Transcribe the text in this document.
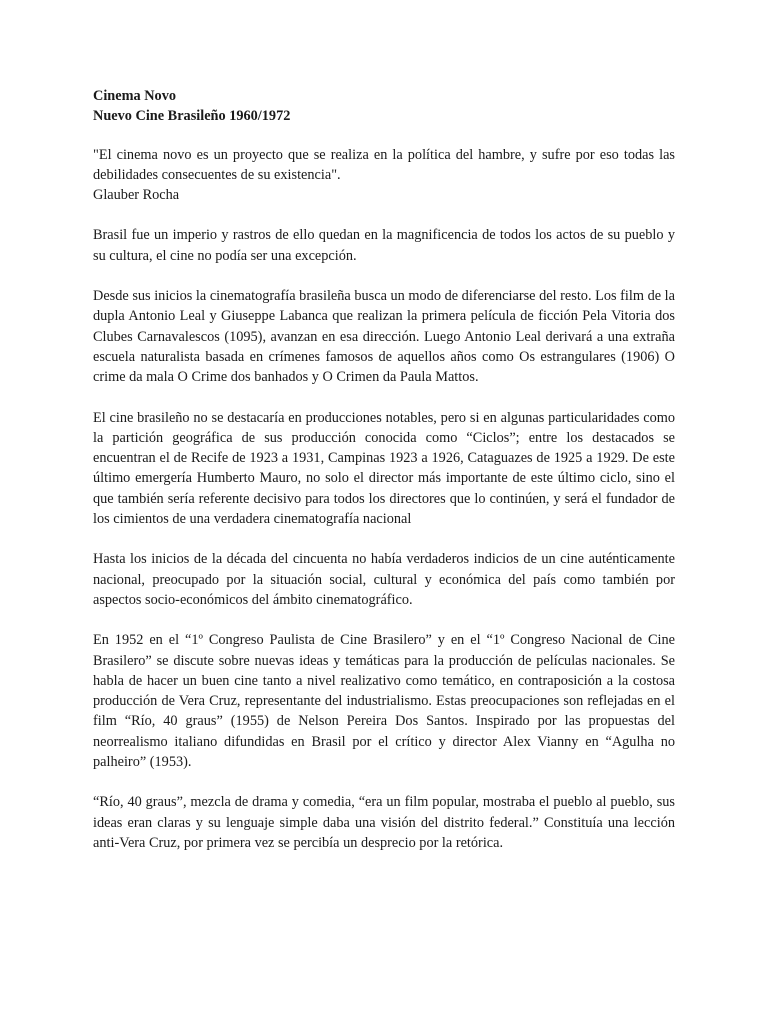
Cinema Novo

Nuevo Cine Brasileño 1960/1972

"El cinema novo es un proyecto que se realiza en la política del hambre, y sufre por eso todas las debilidades consecuentes de su existencia".

Glauber Rocha

Brasil fue un imperio y rastros de ello quedan en la magnificencia de todos los actos de su pueblo y su cultura, el cine no podía ser una excepción.

Desde sus inicios la cinematografía brasileña busca un modo de diferenciarse del resto. Los film de la dupla Antonio Leal y Giuseppe Labanca que realizan la primera película de ficción Pela Vitoria dos Clubes Carnavalescos (1095), avanzan en esa dirección. Luego Antonio Leal derivará a una extraña escuela naturalista basada en crímenes famosos de aquellos años como Os estrangulares (1906) O crime da mala O Crime dos banhados y O Crimen da Paula Mattos.

El cine brasileño no se destacaría en producciones notables, pero si en algunas particularidades como la partición geográfica de sus producción conocida como “Ciclos”; entre los destacados se encuentran el de Recife de 1923 a 1931, Campinas 1923 a 1926, Cataguazes de 1925 a 1929. De este último emergería Humberto Mauro, no solo el director más importante de este último ciclo, sino el que también sería referente decisivo para todos los directores que lo continúen, y será el fundador de los cimientos de una verdadera cinematografía nacional

Hasta los inicios de la década del cincuenta no había verdaderos indicios de un cine auténticamente nacional, preocupado por la situación social, cultural y económica del país como también por aspectos socio-económicos del ámbito cinematográfico.

En 1952 en el “1º Congreso Paulista de Cine Brasilero” y en el “1º Congreso Nacional de Cine Brasilero” se discute sobre nuevas ideas y temáticas para la producción de películas nacionales. Se habla de hacer un buen cine tanto a nivel realizativo como temático, en contraposición a la costosa producción de Vera Cruz, representante del industrialismo. Estas preocupaciones son reflejadas en el film “Río, 40 graus” (1955) de Nelson Pereira Dos Santos. Inspirado por las propuestas del neorrealismo italiano difundidas en Brasil por el crítico y director Alex Vianny en “Agulha no palheiro” (1953).

“Río, 40 graus”, mezcla de drama y comedia, “era un film popular, mostraba el pueblo al pueblo, sus ideas eran claras y su lenguaje simple daba una visión del distrito federal.” Constituía una lección anti-Vera Cruz, por primera vez se percibía un desprecio por la retórica.
